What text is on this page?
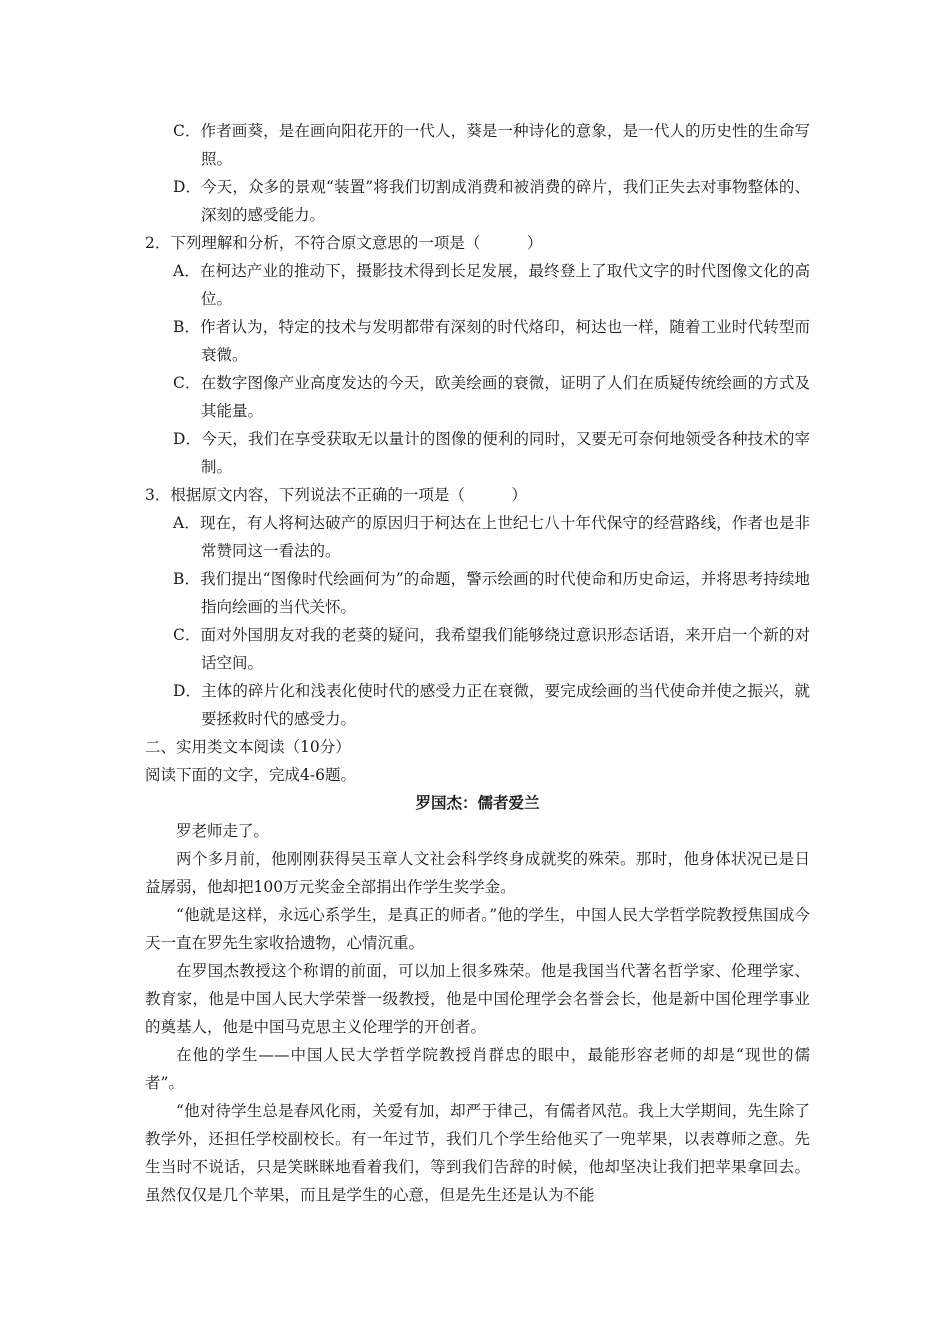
C．作者画葵，是在画向阳花开的一代人，葵是一种诗化的意象，是一代人的历史性的生命写照。
D．今天，众多的景观“装置”将我们切割成消费和被消费的碎片，我们正失去对事物整体的、深刻的感受能力。

2．下列理解和分析，不符合原文意思的一项是（　　　）

A．在柯达产业的推动下，摄影技术得到长足发展，最终登上了取代文字的时代图像文化的高位。
B．作者认为，特定的技术与发明都带有深刻的时代烙印，柯达也一样，随着工业时代转型而衰微。
C．在数字图像产业高度发达的今天，欧美绘画的衰微，证明了人们在质疑传统绘画的方式及其能量。
D．今天，我们在享受获取无以量计的图像的便利的同时，又要无可奈何地领受各种技术的宰制。

3．根据原文内容，下列说法不正确的一项是（　　　）

A．现在，有人将柯达破产的原因归于柯达在上世纪七八十年代保守的经营路线，作者也是非常赞同这一看法的。
B．我们提出“图像时代绘画何为”的命题，警示绘画的时代使命和历史命运，并将思考持续地指向绘画的当代关怀。
C．面对外国朋友对我的老葵的疑问，我希望我们能够绕过意识形态话语，来开启一个新的对话空间。
D．主体的碎片化和浅表化使时代的感受力正在衰微，要完成绘画的当代使命并使之振兴，就要拯救时代的感受力。

二、实用类文本阅读（10分）

阅读下面的文字，完成4-6题。

罗国杰：儒者爱兰

罗老师走了。

两个多月前，他刚刚获得吴玉章人文社会科学终身成就奖的殊荣。那时，他身体状况已是日益孱弱，他却把100万元奖金全部捐出作学生奖学金。

“他就是这样，永远心系学生，是真正的师者。”他的学生，中国人民大学哲学院教授焦国成今天一直在罗先生家收拾遗物，心情沉重。

在罗国杰教授这个称谓的前面，可以加上很多殊荣。他是我国当代著名哲学家、伦理学家、教育家，他是中国人民大学荣誉一级教授，他是中国伦理学会名誉会长，他是新中国伦理学事业的奠基人，他是中国马克思主义伦理学的开创者。

在他的学生——中国人民大学哲学院教授肖群忠的眼中，最能形容老师的却是“现世的儒者”。

“他对待学生总是春风化雨，关爱有加，却严于律己，有儒者风范。我上大学期间，先生除了教学外，还担任学校副校长。有一年过节，我们几个学生给他买了一兜苹果，以表尊师之意。先生当时不说话，只是笑眯眯地看着我们，等到我们告辞的时候，他却坚决让我们把苹果拿回去。虽然仅仅是几个苹果，而且是学生的心意，但是先生还是认为不能
